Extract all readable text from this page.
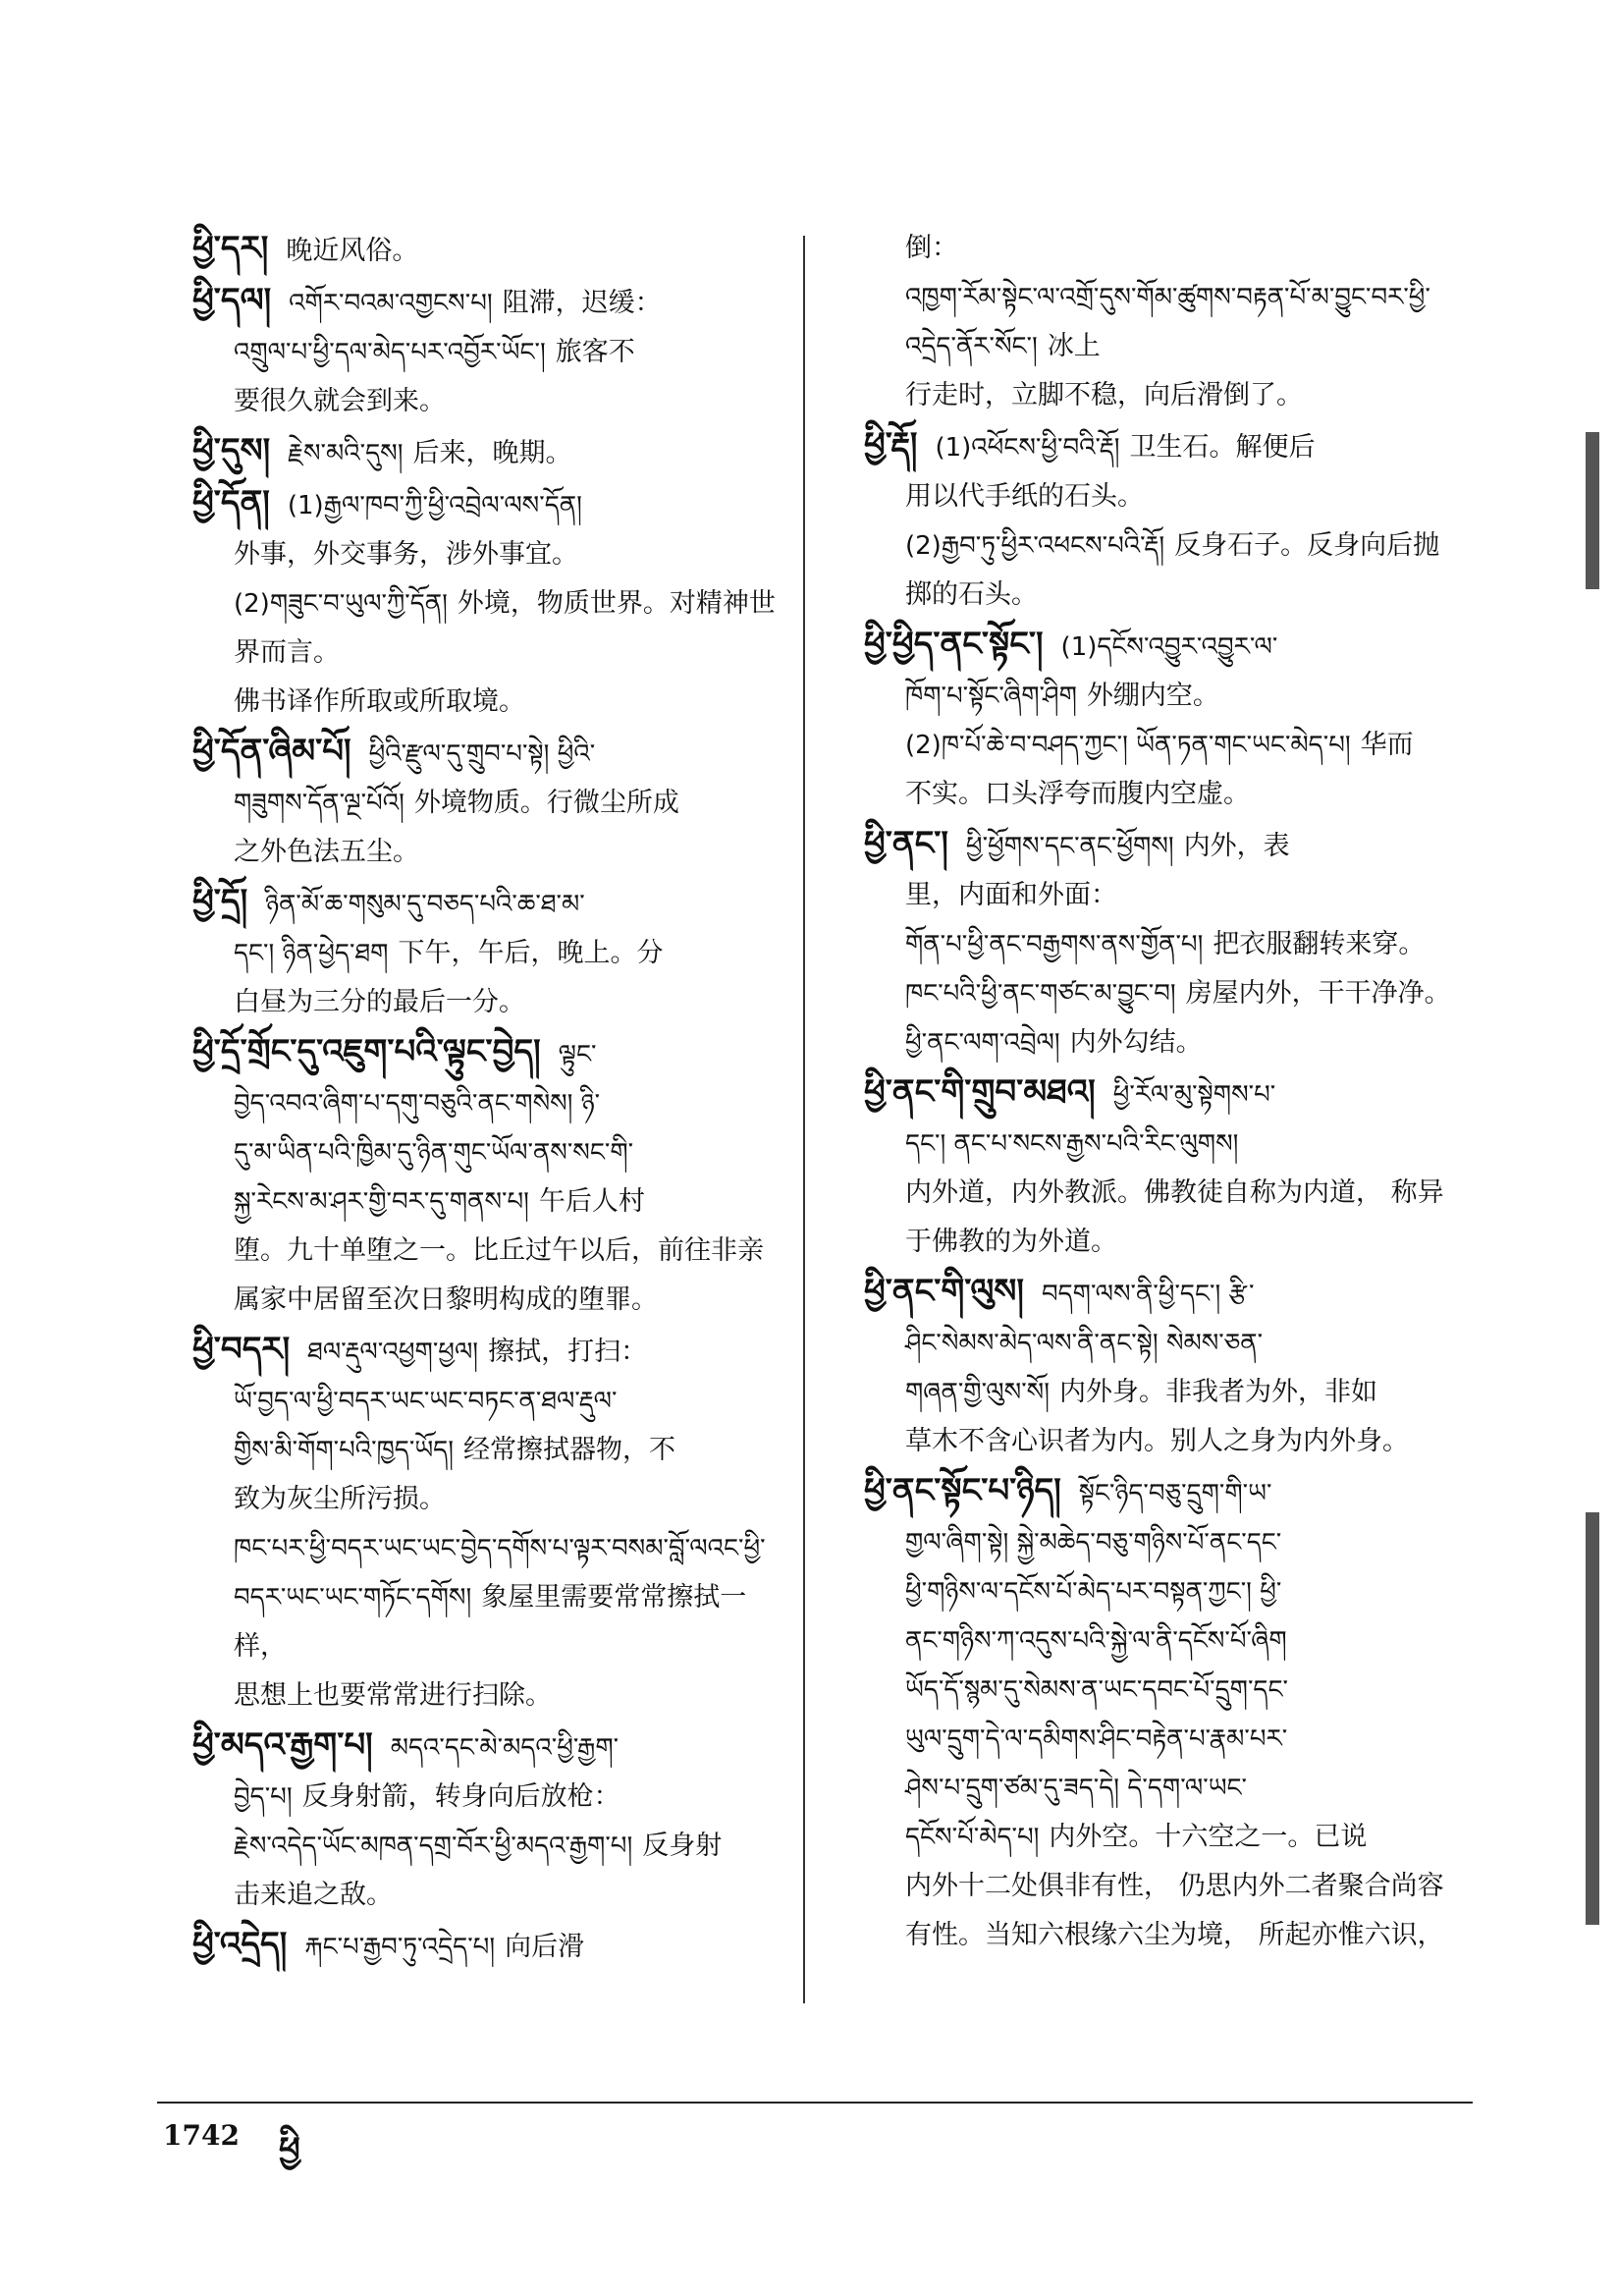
ཕྱི་དར། 晚近风俗。
ཕྱི་དལ། འགོར་བའམ་འགྱངས་པ། 阻滞，迟缓：
འགྲུལ་པ་ཕྱི་དལ་མེད་པར་འབྱོར་ཡོང་། 旅客不
要很久就会到来。
ཕྱི་དུས། རྗེས་མའི་དུས། 后来，晚期。
ཕྱི་དོན། (1)རྒྱལ་ཁབ་ཀྱི་ཕྱི་འབྲེལ་ལས་དོན།
外事，外交事务，涉外事宜。
(2)གཟུང་བ་ཡུལ་ཀྱི་དོན། 外境，物质世界。对精神世界而言。
佛书译作所取或所取境。
ཕྱི་དོན་ཞིམ་པོ། ཕྱིའི་རྫུལ་དུ་གྲུབ་པ་སྟེ། ཕྱིའི་
གཟུགས་དོན་ལྔ་པོའོ། 外境物质。行微尘所成
之外色法五尘。
ཕྱི་དྲོ། ཉིན་མོ་ཆ་གསུམ་དུ་བཅད་པའི་ཆ་ཐ་མ་
དང་། ཉིན་ཕྱེད་ཐག 下午，午后，晚上。分
白昼为三分的最后一分。
ཕྱི་དྲོ་གྲོང་དུ་འཇུག་པའི་ལྟུང་བྱེད། ལྟུང་
བྱེད་འབའ་ཞིག་པ་དགུ་བཅུའི་ནང་གསེས། ཉི་
དུ་མ་ཡིན་པའི་ཁྱིམ་དུ་ཉིན་གུང་ཡོལ་ནས་སང་གི་
སྐྱ་རེངས་མ་ཤར་གྱི་བར་དུ་གནས་པ། 午后人村
堕。九十单堕之一。比丘过午以后，前往非亲
属家中居留至次日黎明构成的堕罪。
ཕྱི་བདར། ཐལ་རྡུལ་འཕྱག་ཕྱལ། 擦拭，打扫：
ཡོ་བྱད་ལ་ཕྱི་བདར་ཡང་ཡང་བཏང་ན་ཐལ་རྡུལ་
གྱིས་མི་གོག་པའི་ཁྱད་ཡོད། 经常擦拭器物，不
致为灰尘所污损。
ཁང་པར་ཕྱི་བདར་ཡང་ཡང་བྱེད་དགོས་པ་ལྟར་བསམ་བློ་ལའང་ཕྱི་བདར་ཡང་ཡང་གཏོང་དགོས། 象屋里需要常常擦拭一样，
思想上也要常常进行扫除。
ཕྱི་མདའ་རྒྱག་པ། མདའ་དང་མེ་མདའ་ཕྱི་རྒྱག་
བྱེད་པ། 反身射箭，转身向后放枪：
རྗེས་འདེད་ཡོང་མཁན་དགྲ་བོར་ཕྱི་མདའ་རྒྱག་པ། 反身射
击来追之敌。
ཕྱི་འདྲེད། རྐང་པ་རྒྱབ་ཏུ་འདྲེད་པ། 向后滑
倒：
འཁྱག་རོམ་སྟེང་ལ་འགྲོ་དུས་གོམ་ཚུགས་བརྟན་པོ་མ་བྱུང་བར་ཕྱི་འདྲེད་ནོར་སོང་། 冰上
行走时，立脚不稳，向后滑倒了。
ཕྱི་རྡོ། (1)འཕོངས་ཕྱི་བའི་རྡོ། 卫生石。解便后
用以代手纸的石头。
(2)རྒྱབ་ཏུ་ཕྱིར་འཕངས་པའི་རྡོ། 反身石子。反身向后抛掷的石头。
ཕྱི་ཕྱིད་ནང་སྟོང་། (1)དངོས་འབྱུར་འབྱུར་ལ་
ཁོག་པ་སྟོང་ཞིག་ཤིག 外绷内空。
(2)ཁ་པོ་ཆེ་བ་བཤད་ཀྱང་། ཡོན་ཏན་གང་ཡང་མེད་པ། 华而
不实。口头浮夸而腹内空虚。
ཕྱི་ནང་། ཕྱི་ཕྱོགས་དང་ནང་ཕྱོགས། 内外，表
里，内面和外面：
གོན་པ་ཕྱི་ནང་བརྒྱགས་ནས་གྱོན་པ། 把衣服翻转来穿。
ཁང་པའི་ཕྱི་ནང་གཙང་མ་བྱུང་བ། 房屋内外，干干净净。
ཕྱི་ནང་ལག་འབྲེལ། 内外勾结。
ཕྱི་ནང་གི་གྲུབ་མཐའ། ཕྱི་རོལ་མུ་སྟེགས་པ་
དང་། ནང་པ་སངས་རྒྱས་པའི་རིང་ལུགས།
内外道，内外教派。佛教徒自称为内道， 称异
于佛教的为外道。
ཕྱི་ནང་གི་ལུས། བདག་ལས་ནི་ཕྱི་དང་། རྩི་
ཤིང་སེམས་མེད་ལས་ནི་ནང་སྟེ། སེམས་ཅན་
གཞན་གྱི་ལུས་སོ། 内外身。非我者为外，非如
草木不含心识者为内。别人之身为内外身。
ཕྱི་ནང་སྟོང་པ་ཉིད། སྟོང་ཉིད་བཅུ་དྲུག་གི་ཡ་
གྱལ་ཞིག་སྟེ། སྐྱེ་མཆེད་བཅུ་གཉིས་པོ་ནང་དང་
ཕྱི་གཉིས་ལ་དངོས་པོ་མེད་པར་བསྟན་ཀྱང་། ཕྱི་
ནང་གཉིས་ཀ་འདུས་པའི་སྐྱེ་ལ་ནི་དངོས་པོ་ཞིག
ཡོད་དོ་སྙམ་དུ་སེམས་ན་ཡང་དབང་པོ་དྲུག་དང་
ཡུལ་དྲུག་དེ་ལ་དམིགས་ཤིང་བརྟེན་པ་རྣམ་པར་
ཤེས་པ་དྲུག་ཙམ་དུ་ཟད་དེ། དེ་དག་ལ་ཡང་
དངོས་པོ་མེད་པ། 内外空。十六空之一。已说
内外十二处俱非有性， 仍思内外二者聚合尚容
有性。当知六根缘六尘为境， 所起亦惟六识，
1742 ཕྱི
